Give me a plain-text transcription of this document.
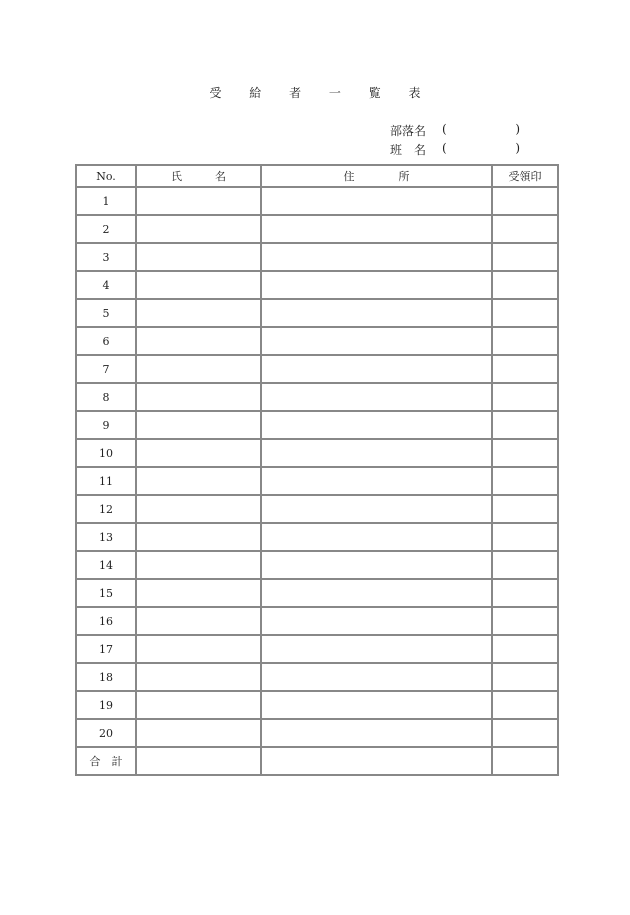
受 給 者 一 覧 表
部落名	(                  )
班　名	(                  )
No.	氏　　　名	住　　　　所	受領印
1			
2			
3			
4			
5			
6			
7			
8			
9			
10			
11			
12			
13			
14			
15			
16			
17			
18			
19			
20			
合　計			
